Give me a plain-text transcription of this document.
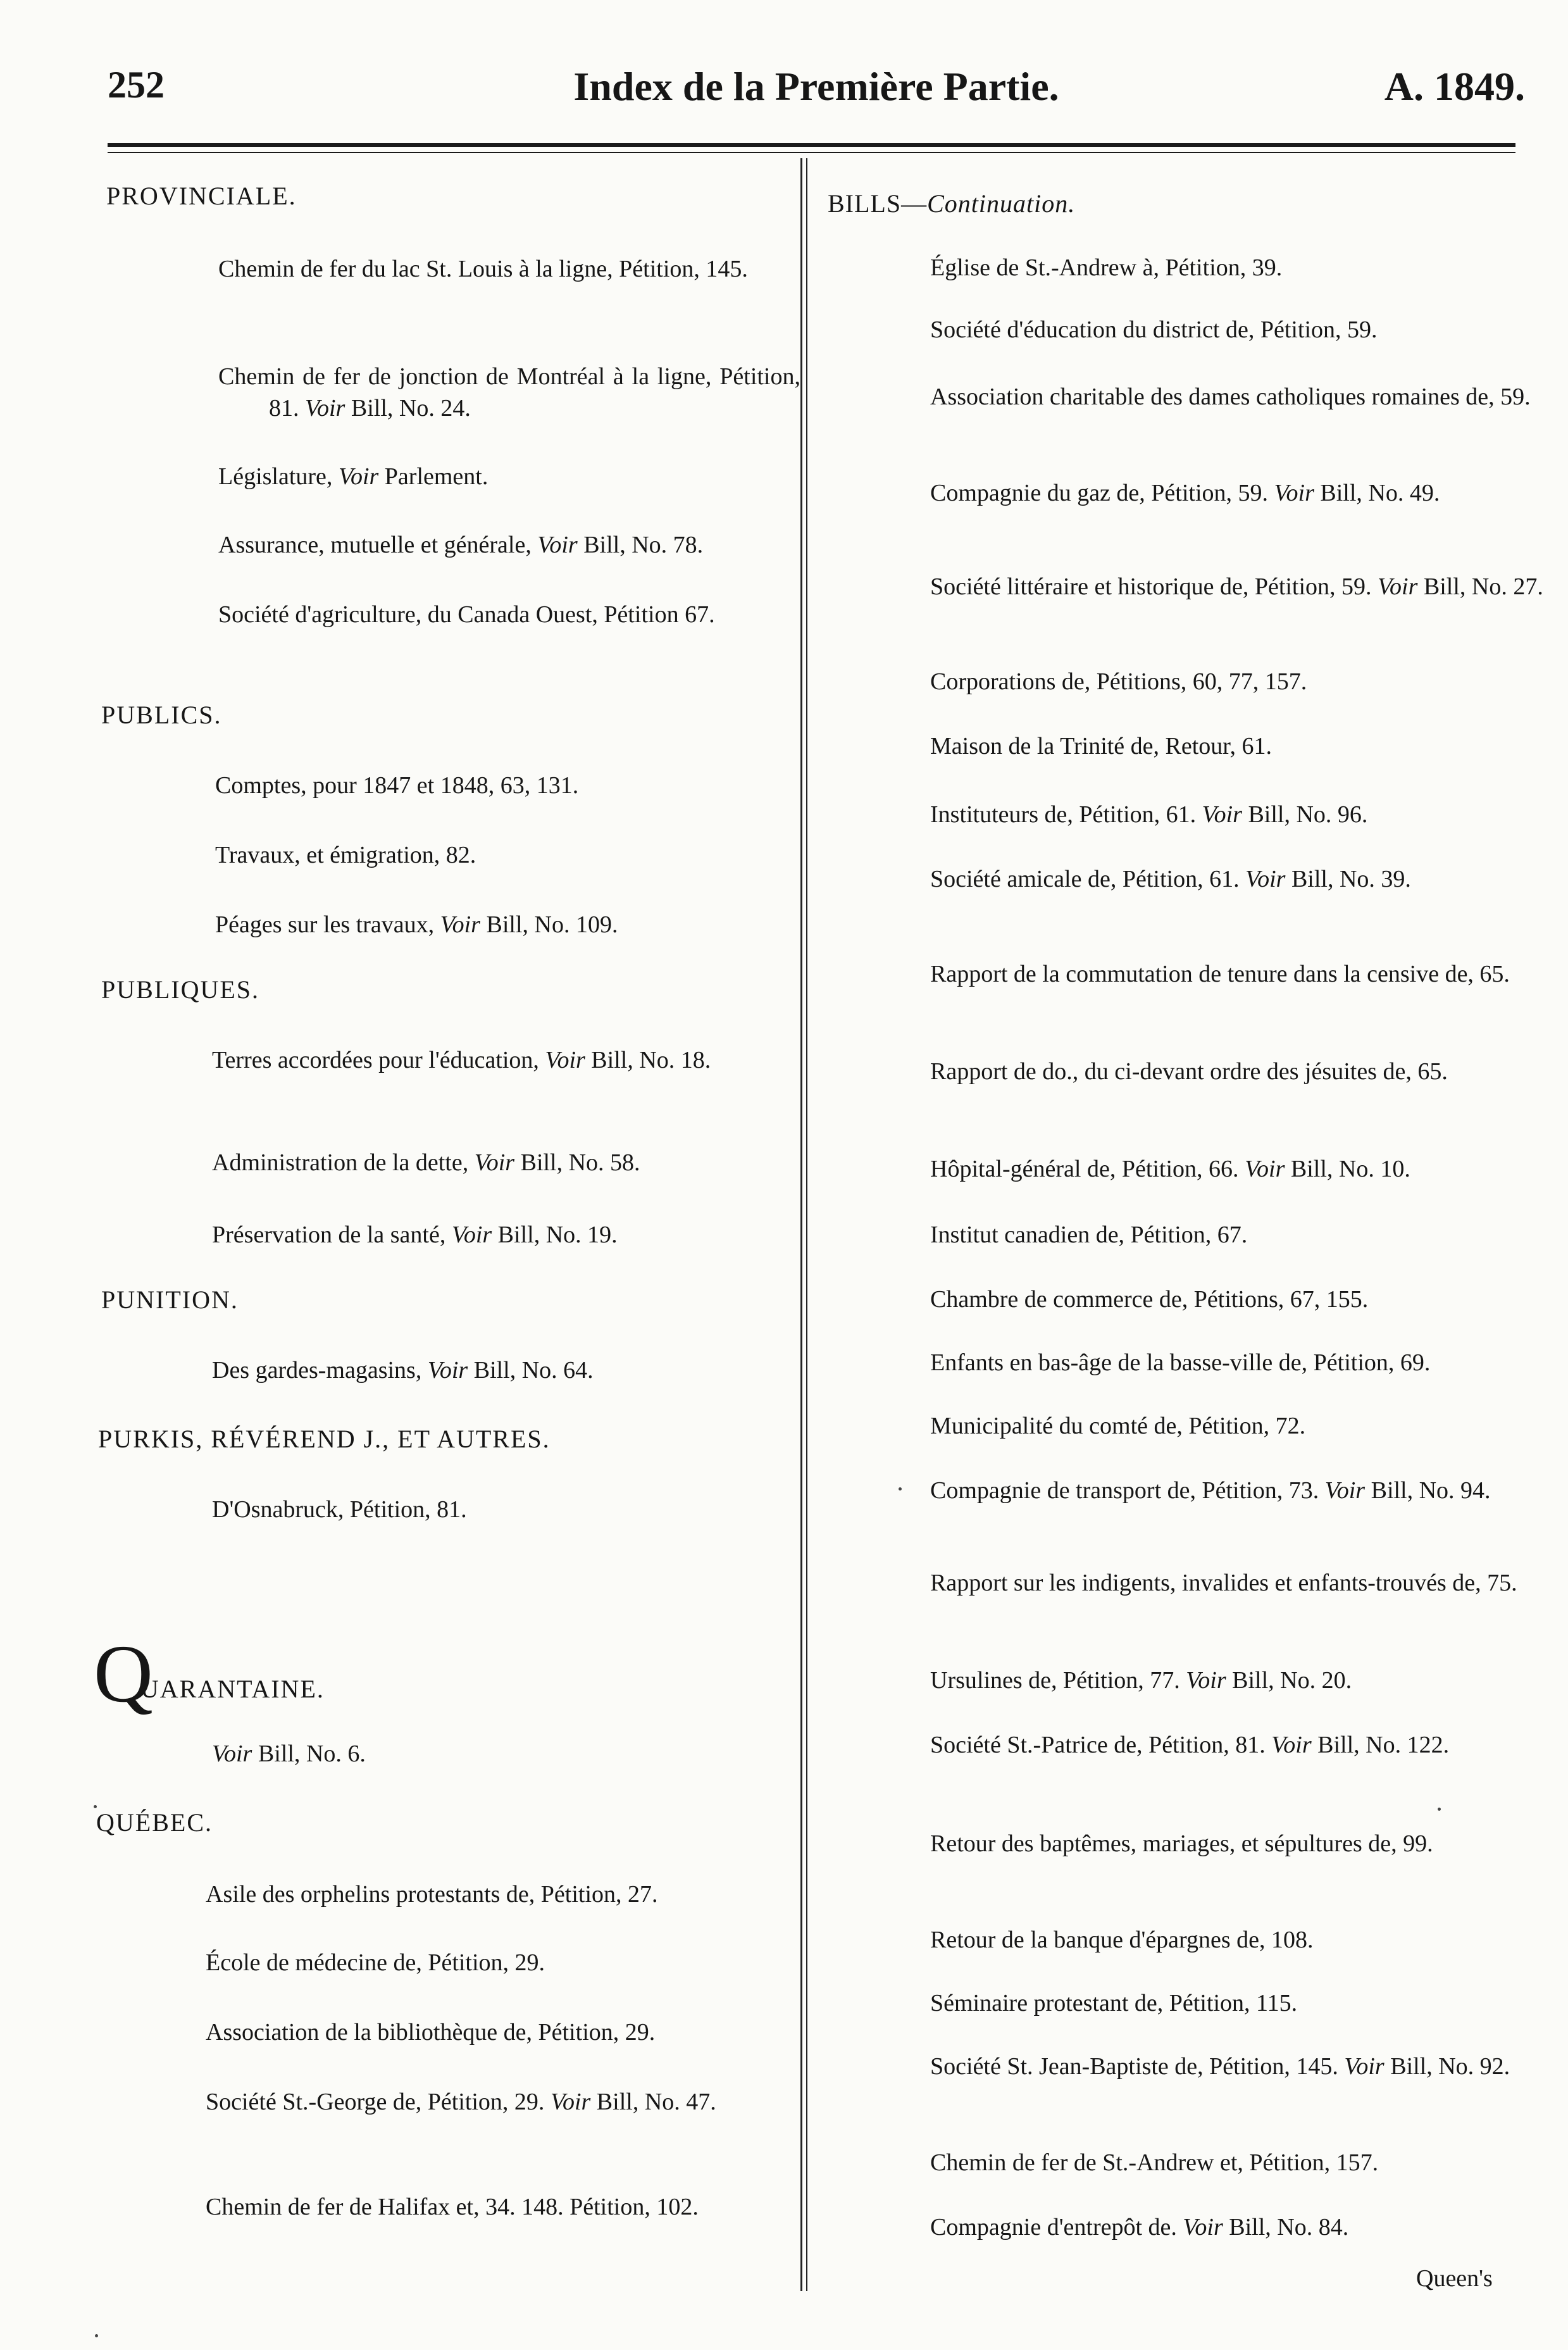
252	Index de la Première Partie.	A. 1849.
PROVINCIALE.
Chemin de fer du lac St. Louis à la ligne, Pétition, 145.
Chemin de fer de jonction de Montréal à la ligne, Pétition, 81. Voir Bill, No. 24.
Législature, Voir Parlement.
Assurance, mutuelle et générale, Voir Bill, No. 78.
Société d'agriculture, du Canada Ouest, Pétition 67.
PUBLICS.
Comptes, pour 1847 et 1848, 63, 131.
Travaux, et émigration, 82.
Péages sur les travaux, Voir Bill, No. 109.
PUBLIQUES.
Terres accordées pour l'éducation, Voir Bill, No. 18.
Administration de la dette, Voir Bill, No. 58.
Préservation de la santé, Voir Bill, No. 19.
PUNITION.
Des gardes-magasins, Voir Bill, No. 64.
PURKIS, RÉVÉREND J., ET AUTRES.
D'Osnabruck, Pétition, 81.
QUARANTAINE.
Voir Bill, No. 6.
QUÉBEC.
Asile des orphelins protestants de, Pétition, 27.
École de médecine de, Pétition, 29.
Association de la bibliothèque de, Pétition, 29.
Société St.-George de, Pétition, 29. Voir Bill, No. 47.
Chemin de fer de Halifax et, 34. 148. Pétition, 102.
BILLS—Continuation.
Église de St.-Andrew à, Pétition, 39.
Société d'éducation du district de, Pétition, 59.
Association charitable des dames catholiques romaines de, 59.
Compagnie du gaz de, Pétition, 59. Voir Bill, No. 49.
Société littéraire et historique de, Pétition, 59. Voir Bill, No. 27.
Corporations de, Pétitions, 60, 77, 157.
Maison de la Trinité de, Retour, 61.
Instituteurs de, Pétition, 61. Voir Bill, No. 96.
Société amicale de, Pétition, 61. Voir Bill, No. 39.
Rapport de la commutation de tenure dans la censive de, 65.
Rapport de do., du ci-devant ordre des jésuites de, 65.
Hôpital-général de, Pétition, 66. Voir Bill, No. 10.
Institut canadien de, Pétition, 67.
Chambre de commerce de, Pétitions, 67, 155.
Enfants en bas-âge de la basse-ville de, Pétition, 69.
Municipalité du comté de, Pétition, 72.
Compagnie de transport de, Pétition, 73. Voir Bill, No. 94.
Rapport sur les indigents, invalides et enfants-trouvés de, 75.
Ursulines de, Pétition, 77. Voir Bill, No. 20.
Société St.-Patrice de, Pétition, 81. Voir Bill, No. 122.
Retour des baptêmes, mariages, et sépultures de, 99.
Retour de la banque d'épargnes de, 108.
Séminaire protestant de, Pétition, 115.
Société St. Jean-Baptiste de, Pétition, 145. Voir Bill, No. 92.
Chemin de fer de St.-Andrew et, Pétition, 157.
Compagnie d'entrepôt de. Voir Bill, No. 84.
Queen's
